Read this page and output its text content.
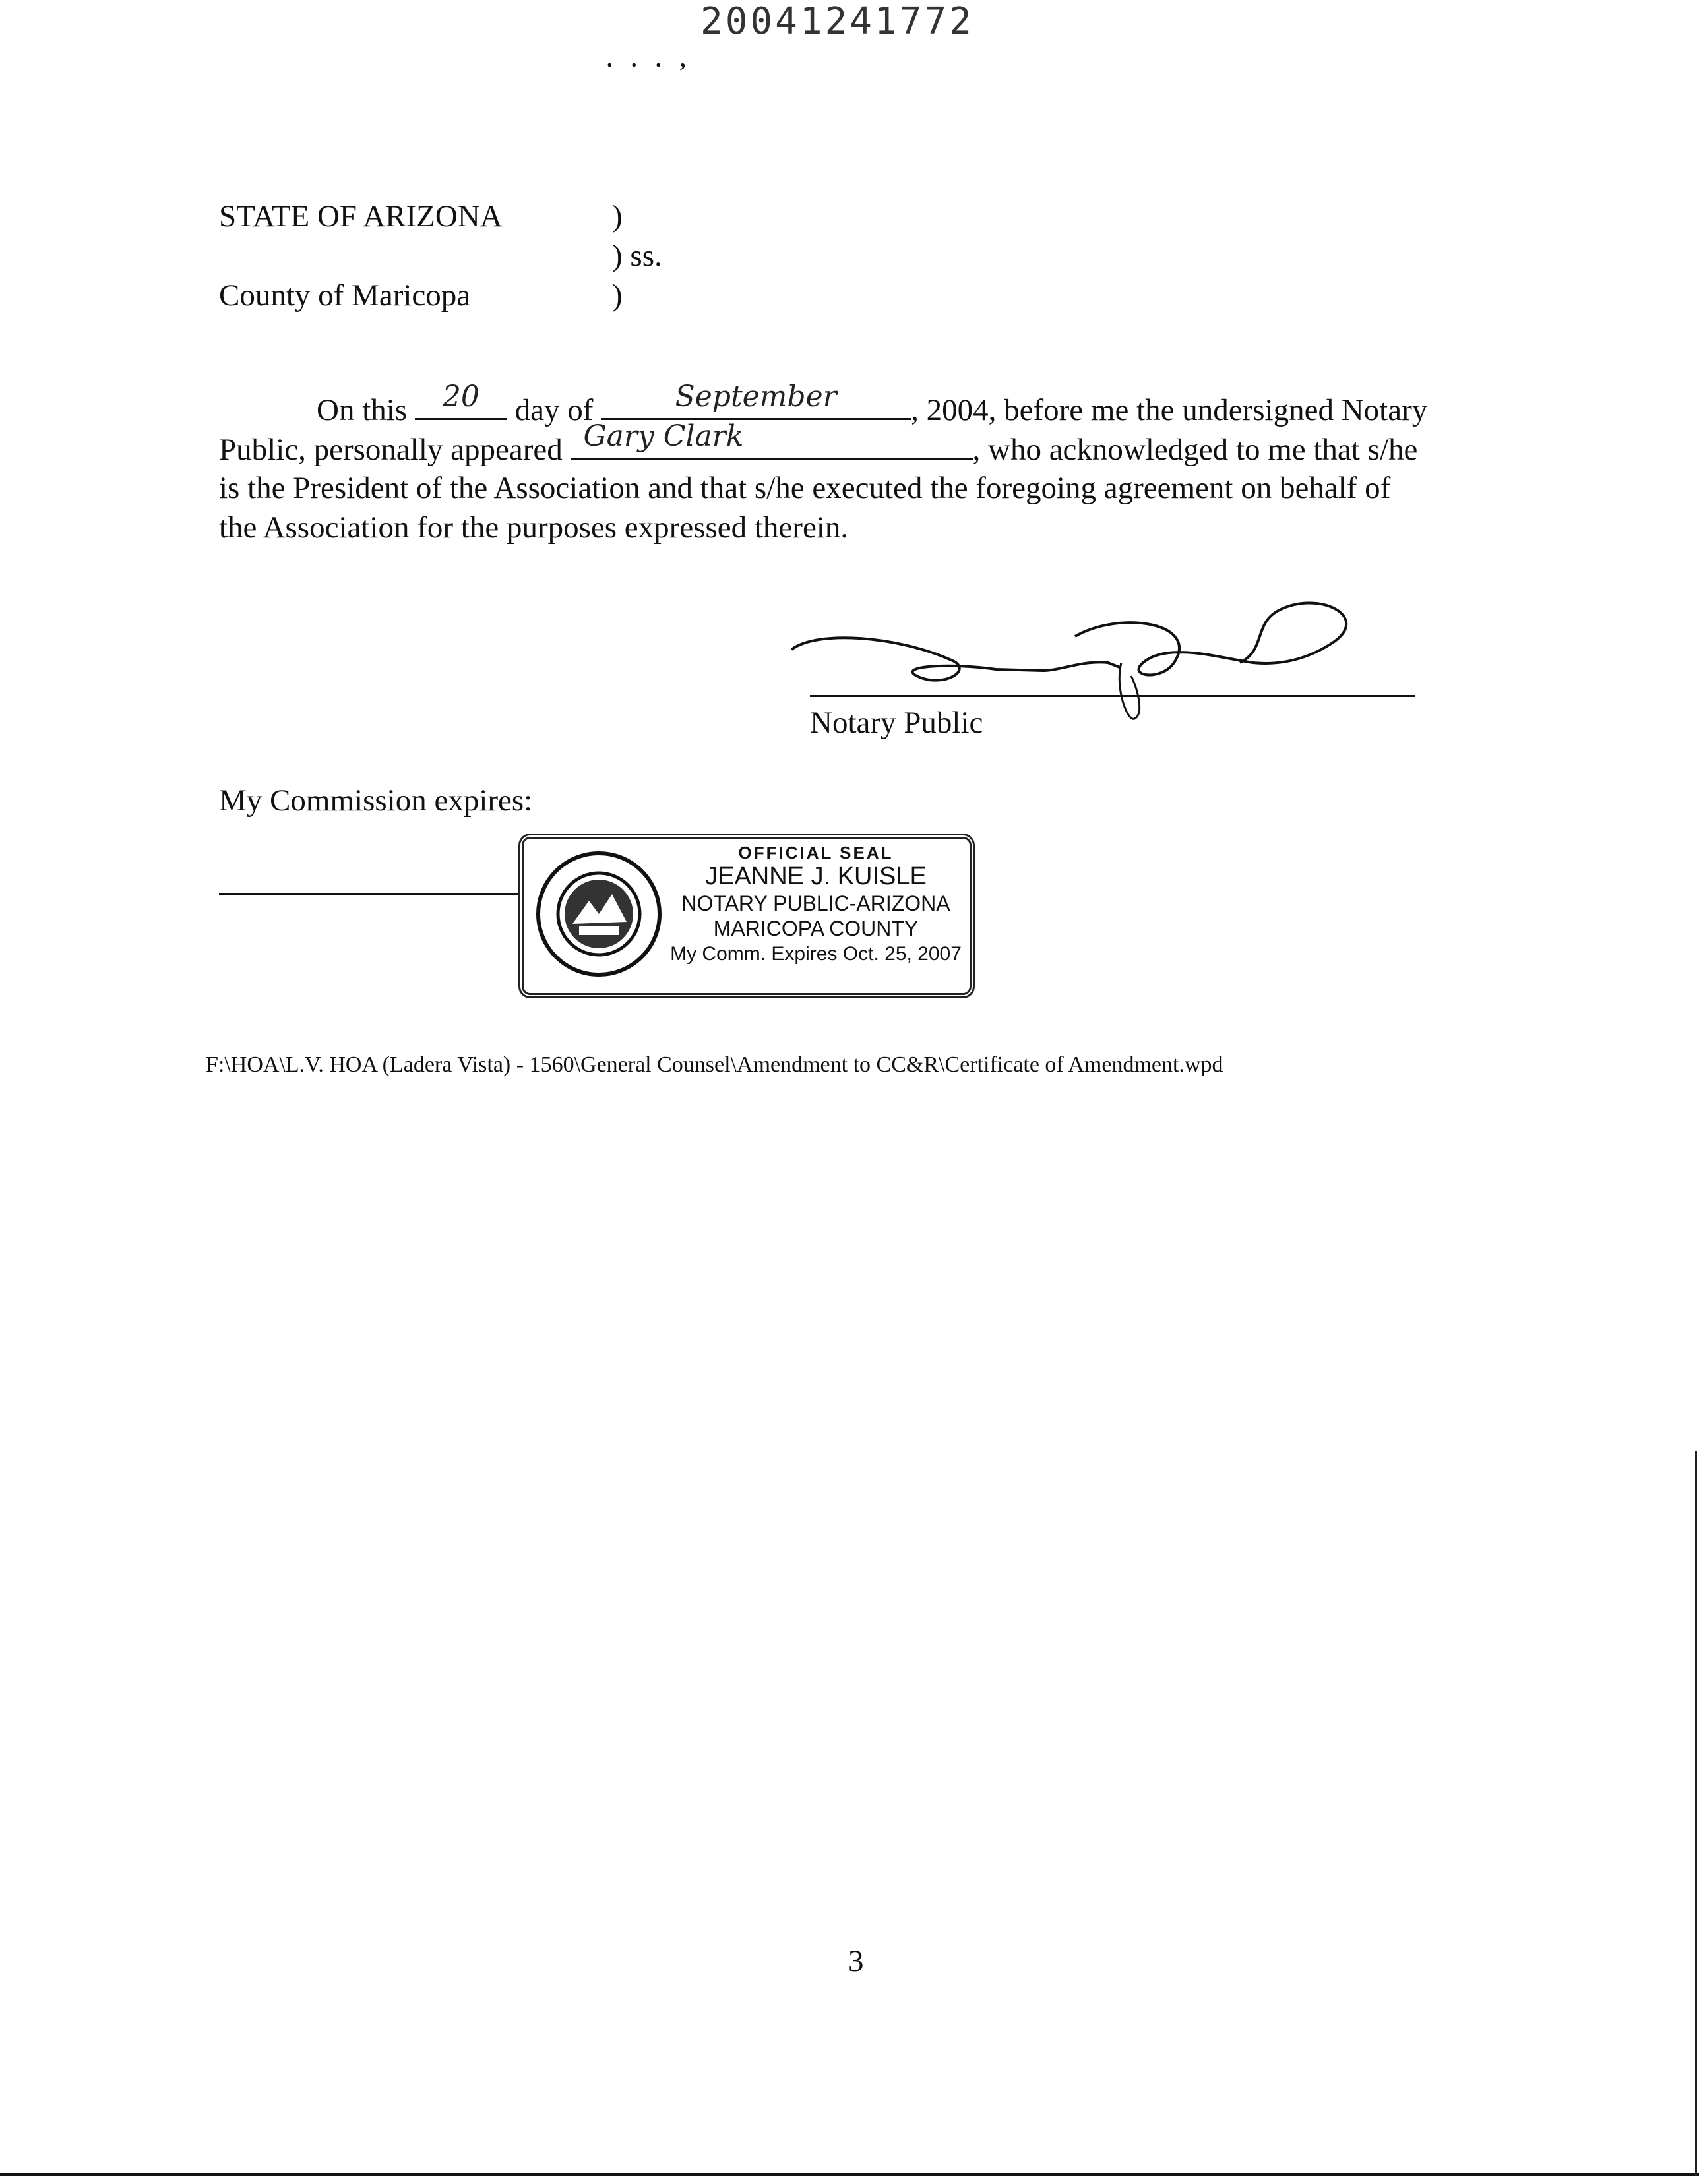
20041241772
. . . ,
STATE OF ARIZONA	)
) ss.
County of Maricopa	)
On this	20	day of	September	, 2004, before me the undersigned Notary
Public, personally appeared Gary Clark	, who acknowledged to me that s/he
is the President of the Association and that s/he executed the foregoing agreement on behalf of
the Association for the purposes expressed therein.
Notary Public
My Commission expires:
OFFICIAL SEAL
JEANNE J. KUISLE
NOTARY PUBLIC-ARIZONA
MARICOPA COUNTY
My Comm. Expires Oct. 25, 2007
F:\HOA\L.V. HOA (Ladera Vista) - 1560\General Counsel\Amendment to CC&R\Certificate of Amendment.wpd
3
